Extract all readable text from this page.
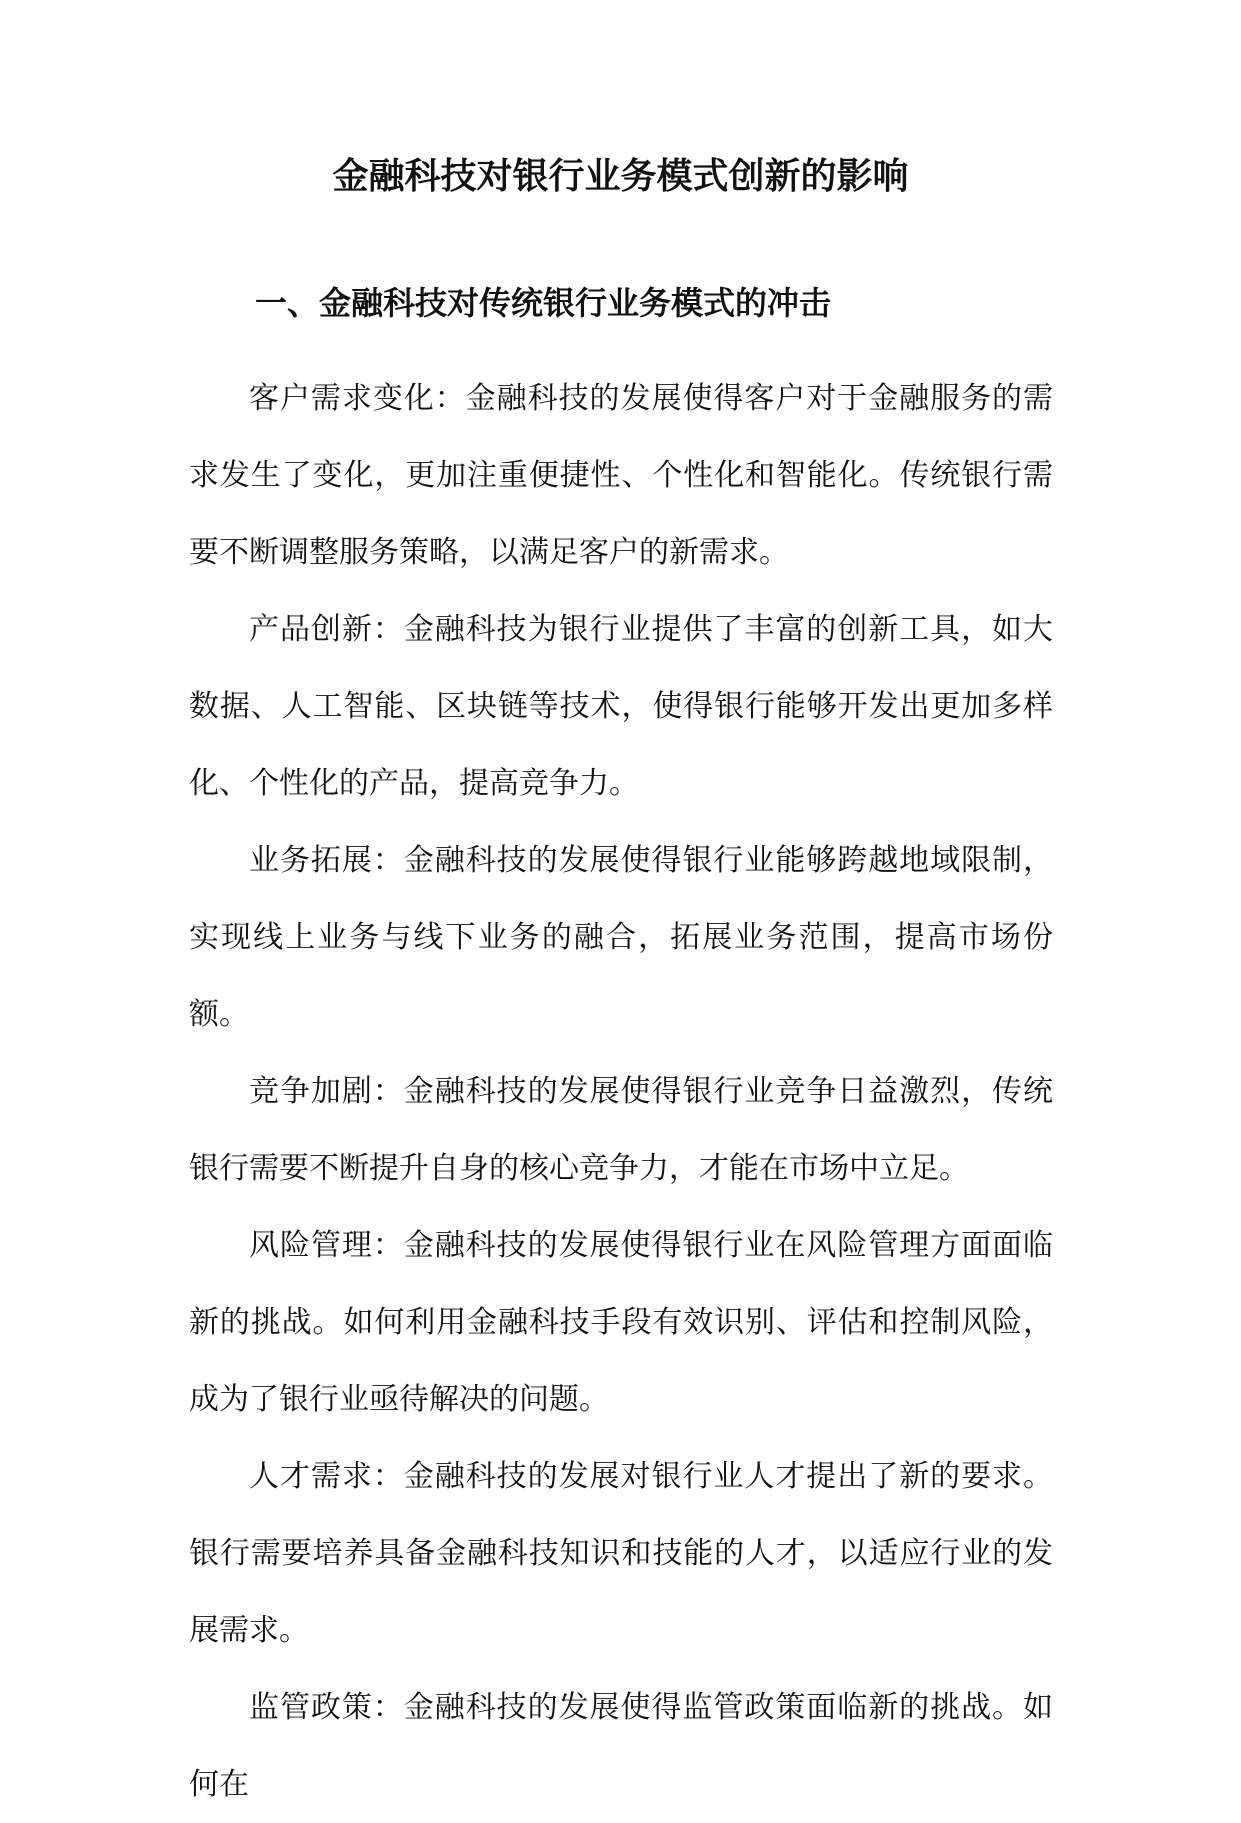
金融科技对银行业务模式创新的影响
一、金融科技对传统银行业务模式的冲击

客户需求变化：金融科技的发展使得客户对于金融服务的需求发生了变化，更加注重便捷性、个性化和智能化。传统银行需要不断调整服务策略，以满足客户的新需求。

产品创新：金融科技为银行业提供了丰富的创新工具，如大数据、人工智能、区块链等技术，使得银行能够开发出更加多样化、个性化的产品，提高竞争力。

业务拓展：金融科技的发展使得银行业能够跨越地域限制，实现线上业务与线下业务的融合，拓展业务范围，提高市场份额。

竞争加剧：金融科技的发展使得银行业竞争日益激烈，传统银行需要不断提升自身的核心竞争力，才能在市场中立足。

风险管理：金融科技的发展使得银行业在风险管理方面面临新的挑战。如何利用金融科技手段有效识别、评估和控制风险，成为了银行业亟待解决的问题。

人才需求：金融科技的发展对银行业人才提出了新的要求。银行需要培养具备金融科技知识和技能的人才，以适应行业的发展需求。

监管政策：金融科技的发展使得监管政策面临新的挑战。如何在
